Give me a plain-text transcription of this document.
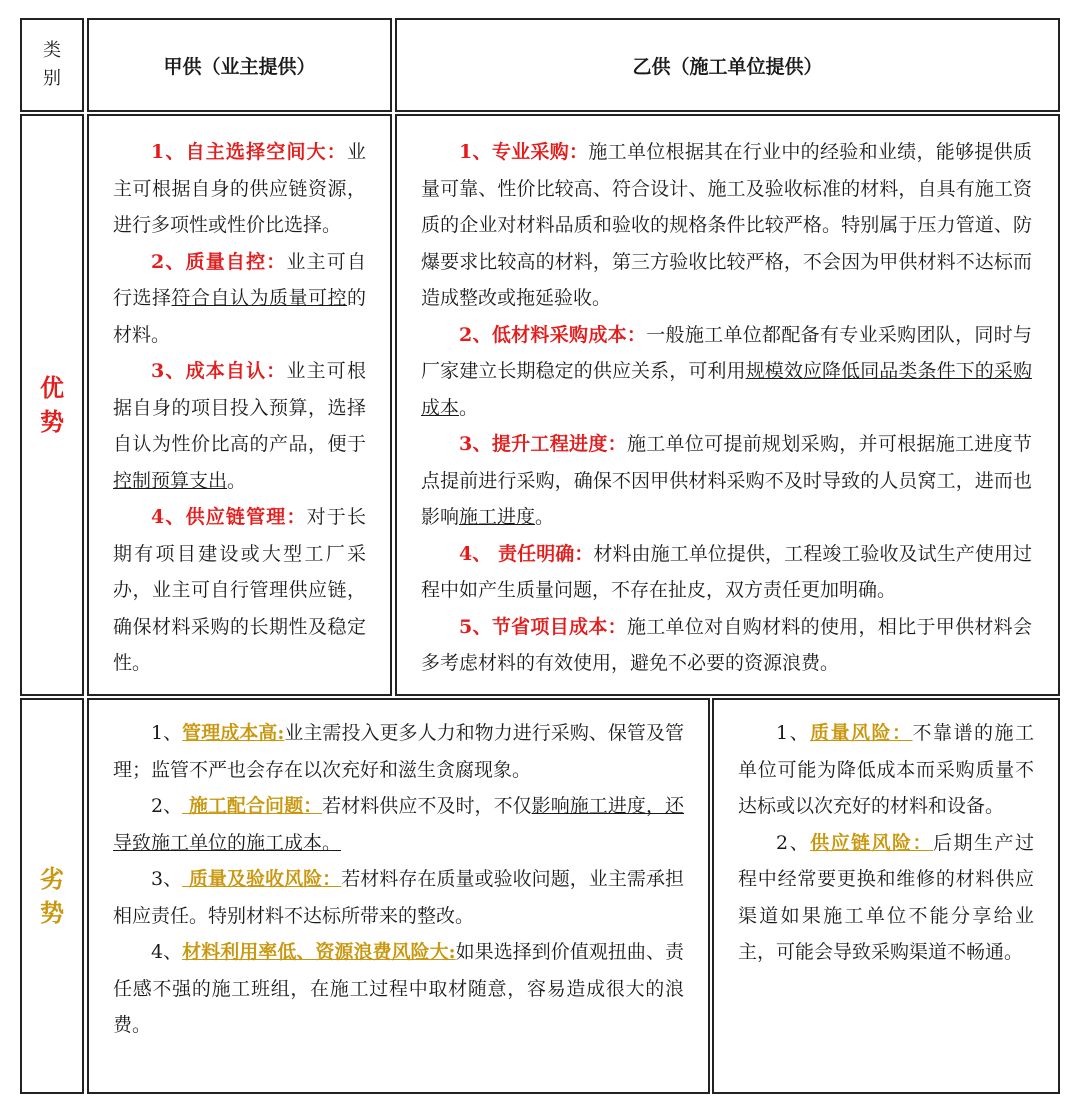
类
别
甲供（业主提供）	乙供（施工单位提供）
优
势
劣
势

1、自主选择空间大：业主可根据自身的供应链资源，进行多项性或性价比选择。

2、质量自控：业主可自行选择符合自认为质量可控的材料。

3、成本自认：业主可根据自身的项目投入预算，选择自认为性价比高的产品，便于控制预算支出。

4、供应链管理：对于长期有项目建设或大型工厂采办，业主可自行管理供应链，确保材料采购的长期性及稳定性。

1、专业采购：施工单位根据其在行业中的经验和业绩，能够提供质量可靠、性价比较高、符合设计、施工及验收标准的材料，自具有施工资质的企业对材料品质和验收的规格条件比较严格。特别属于压力管道、防爆要求比较高的材料，第三方验收比较严格，不会因为甲供材料不达标而造成整改或拖延验收。

2、低材料采购成本：一般施工单位都配备有专业采购团队，同时与厂家建立长期稳定的供应关系，可利用规模效应降低同品类条件下的采购成本。

3、提升工程进度：施工单位可提前规划采购，并可根据施工进度节点提前进行采购，确保不因甲供材料采购不及时导致的人员窝工，进而也影响施工进度。

4、 责任明确：材料由施工单位提供，工程竣工验收及试生产使用过程中如产生质量问题，不存在扯皮，双方责任更加明确。

5、节省项目成本：施工单位对自购材料的使用，相比于甲供材料会多考虑材料的有效使用，避免不必要的资源浪费。

1、管理成本高:业主需投入更多人力和物力进行采购、保管及管理；监管不严也会存在以次充好和滋生贪腐现象。

2、 施工配合问题：若材料供应不及时，不仅影响施工进度，还导致施工单位的施工成本。

3、 质量及验收风险：若材料存在质量或验收问题，业主需承担相应责任。特别材料不达标所带来的整改。

4、材料利用率低、资源浪费风险大:如果选择到价值观扭曲、责任感不强的施工班组，在施工过程中取材随意，容易造成很大的浪费。

1、质量风险：不靠谱的施工单位可能为降低成本而采购质量不达标或以次充好的材料和设备。

2、供应链风险：后期生产过程中经常要更换和维修的材料供应渠道如果施工单位不能分享给业主，可能会导致采购渠道不畅通。
